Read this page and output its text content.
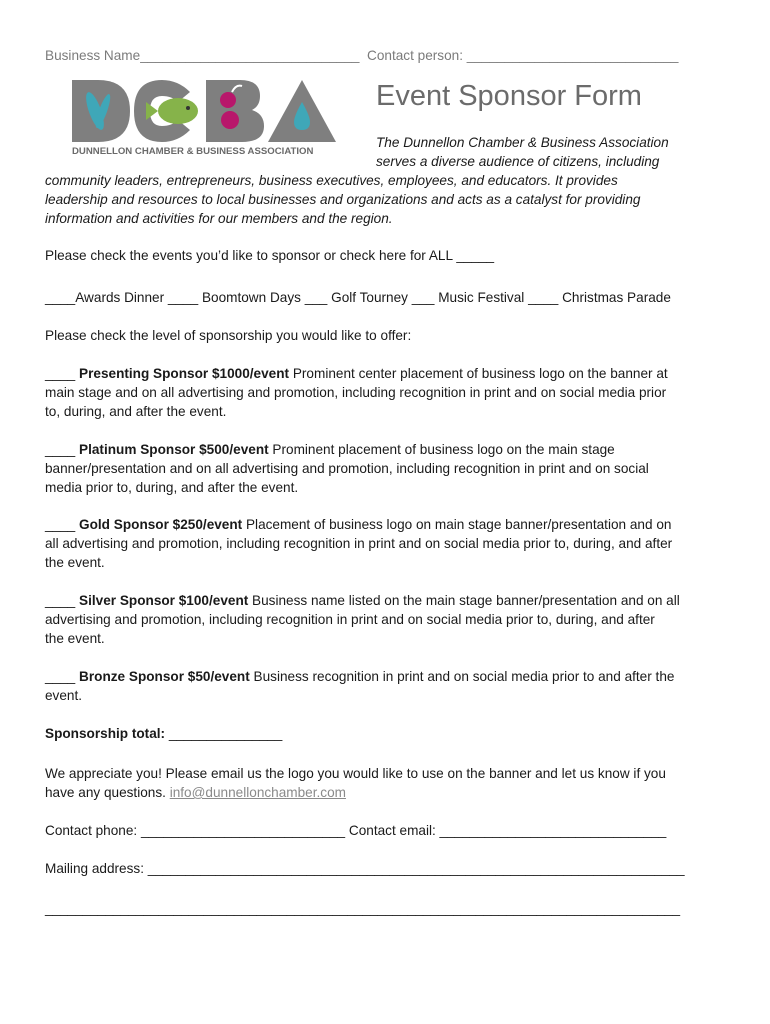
Business Name_____________________________ Contact person: ____________________________

DUNNELLON CHAMBER & BUSINESS ASSOCIATION
Event Sponsor Form

The Dunnellon Chamber & Business Association

serves a diverse audience of citizens, including

community leaders, entrepreneurs, business executives, employees, and educators. It provides

leadership and resources to local businesses and organizations and acts as a catalyst for providing

information and activities for our members and the region.

Please check the events you’d like to sponsor or check here for ALL _____

____Awards Dinner ____ Boomtown Days ___ Golf Tourney ___ Music Festival ____ Christmas Parade

Please check the level of sponsorship you would like to offer:

____ Presenting Sponsor $1000/event Prominent center placement of business logo on the banner at

main stage and on all advertising and promotion, including recognition in print and on social media prior

to, during, and after the event.

____ Platinum Sponsor $500/event Prominent placement of business logo on the main stage

banner/presentation and on all advertising and promotion, including recognition in print and on social

media prior to, during, and after the event.

____ Gold Sponsor $250/event Placement of business logo on main stage banner/presentation and on

all advertising and promotion, including recognition in print and on social media prior to, during, and after

the event.

____ Silver Sponsor $100/event Business name listed on the main stage banner/presentation and on all

advertising and promotion, including recognition in print and on social media prior to, during, and after

the event.

____ Bronze Sponsor $50/event Business recognition in print and on social media prior to and after the

event.

Sponsorship total: _______________

We appreciate you! Please email us the logo you would like to use on the banner and let us know if you

have any questions. info@dunnellonchamber.com

Contact phone: ___________________________ Contact email: ______________________________

Mailing address: _______________________________________________________________________

____________________________________________________________________________________
